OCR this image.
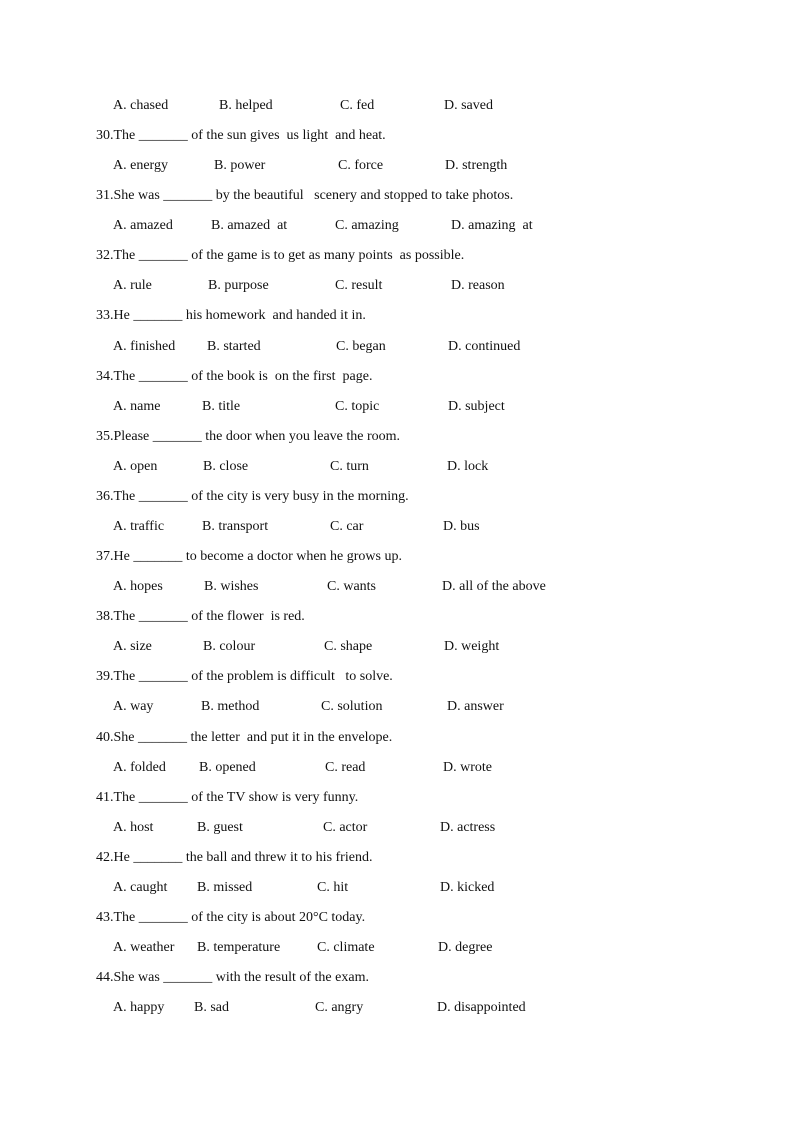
A. chased

	B. helped

	C. fed

	D. saved

30.The _______ of the sun gives  us light  and heat.

A. energy

	B. power

	C. force

	D. strength

31.She was _______ by the beautiful   scenery and stopped to take photos.

A. amazed

	B. amazed  at

	C. amazing

	D. amazing  at

32.The _______ of the game is to get as many points  as possible.

A. rule

	B. purpose

	C. result

	D. reason

33.He _______ his homework  and handed it in.

A. finished

B. started

	C. began

	D. continued

34.The _______ of the book is  on the first  page.

A. name

	B. title

	C. topic

	D. subject

35.Please _______ the door when you leave the room.

A. open

	B. close

	C. turn

	D. lock

36.The _______ of the city is very busy in the morning.

A. traffic

	B. transport

	C. car

	D. bus

37.He _______ to become a doctor when he grows up.

A. hopes

	B. wishes

	C. wants

	D. all of the above

38.The _______ of the flower  is red.

A. size

	B. colour

	C. shape

	D. weight

39.The _______ of the problem is difficult   to solve.

A. way

	B. method

	C. solution

	D. answer

40.She _______ the letter  and put it in the envelope.

A. folded

B. opened

	C. read

	D. wrote

41.The _______ of the TV show is very funny.

A. host

	B. guest

	C. actor

	D. actress

42.He _______ the ball and threw it to his friend.

A. caught

B. missed

	C. hit

	D. kicked

43.The _______ of the city is about 20°C today.

A. weather

B. temperature

	C. climate

	D. degree

44.She was _______ with the result of the exam.

A. happy

B. sad

	C. angry

	D. disappointed
